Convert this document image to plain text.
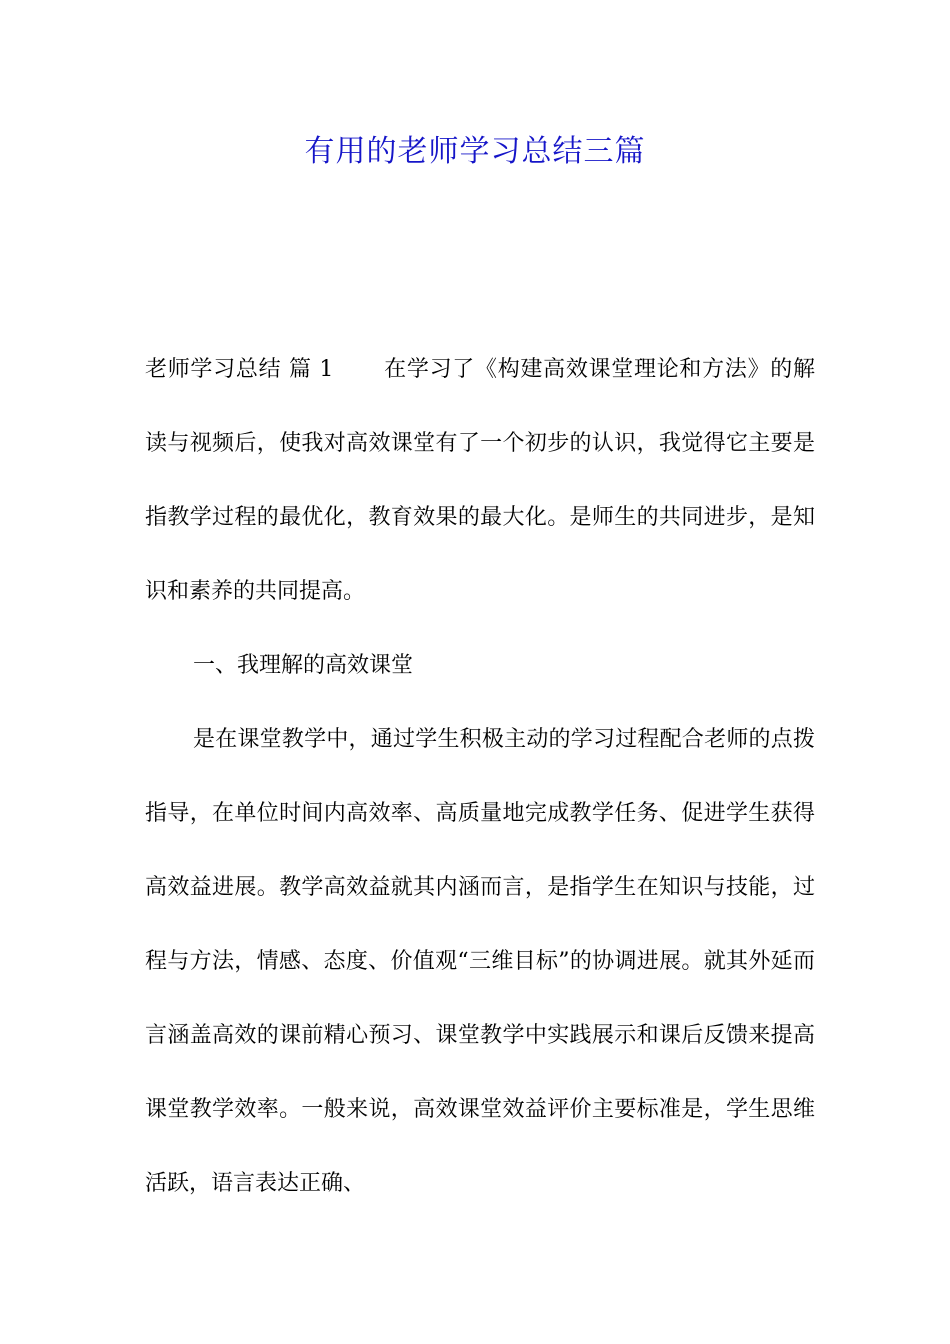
有用的老师学习总结三篇

老师学习总结 篇 1 在学习了《构建高效课堂理论和方法》的解读与视频后，使我对高效课堂有了一个初步的认识，我觉得它主要是指教学过程的最优化，教育效果的最大化。是师生的共同进步，是知识和素养的共同提高。

一、我理解的高效课堂

是在课堂教学中，通过学生积极主动的学习过程配合老师的点拨指导，在单位时间内高效率、高质量地完成教学任务、促进学生获得高效益进展。教学高效益就其内涵而言，是指学生在知识与技能，过程与方法，情感、态度、价值观“三维目标”的协调进展。就其外延而言涵盖高效的课前精心预习、课堂教学中实践展示和课后反馈来提高课堂教学效率。一般来说，高效课堂效益评价主要标准是，学生思维活跃，语言表达正确、
